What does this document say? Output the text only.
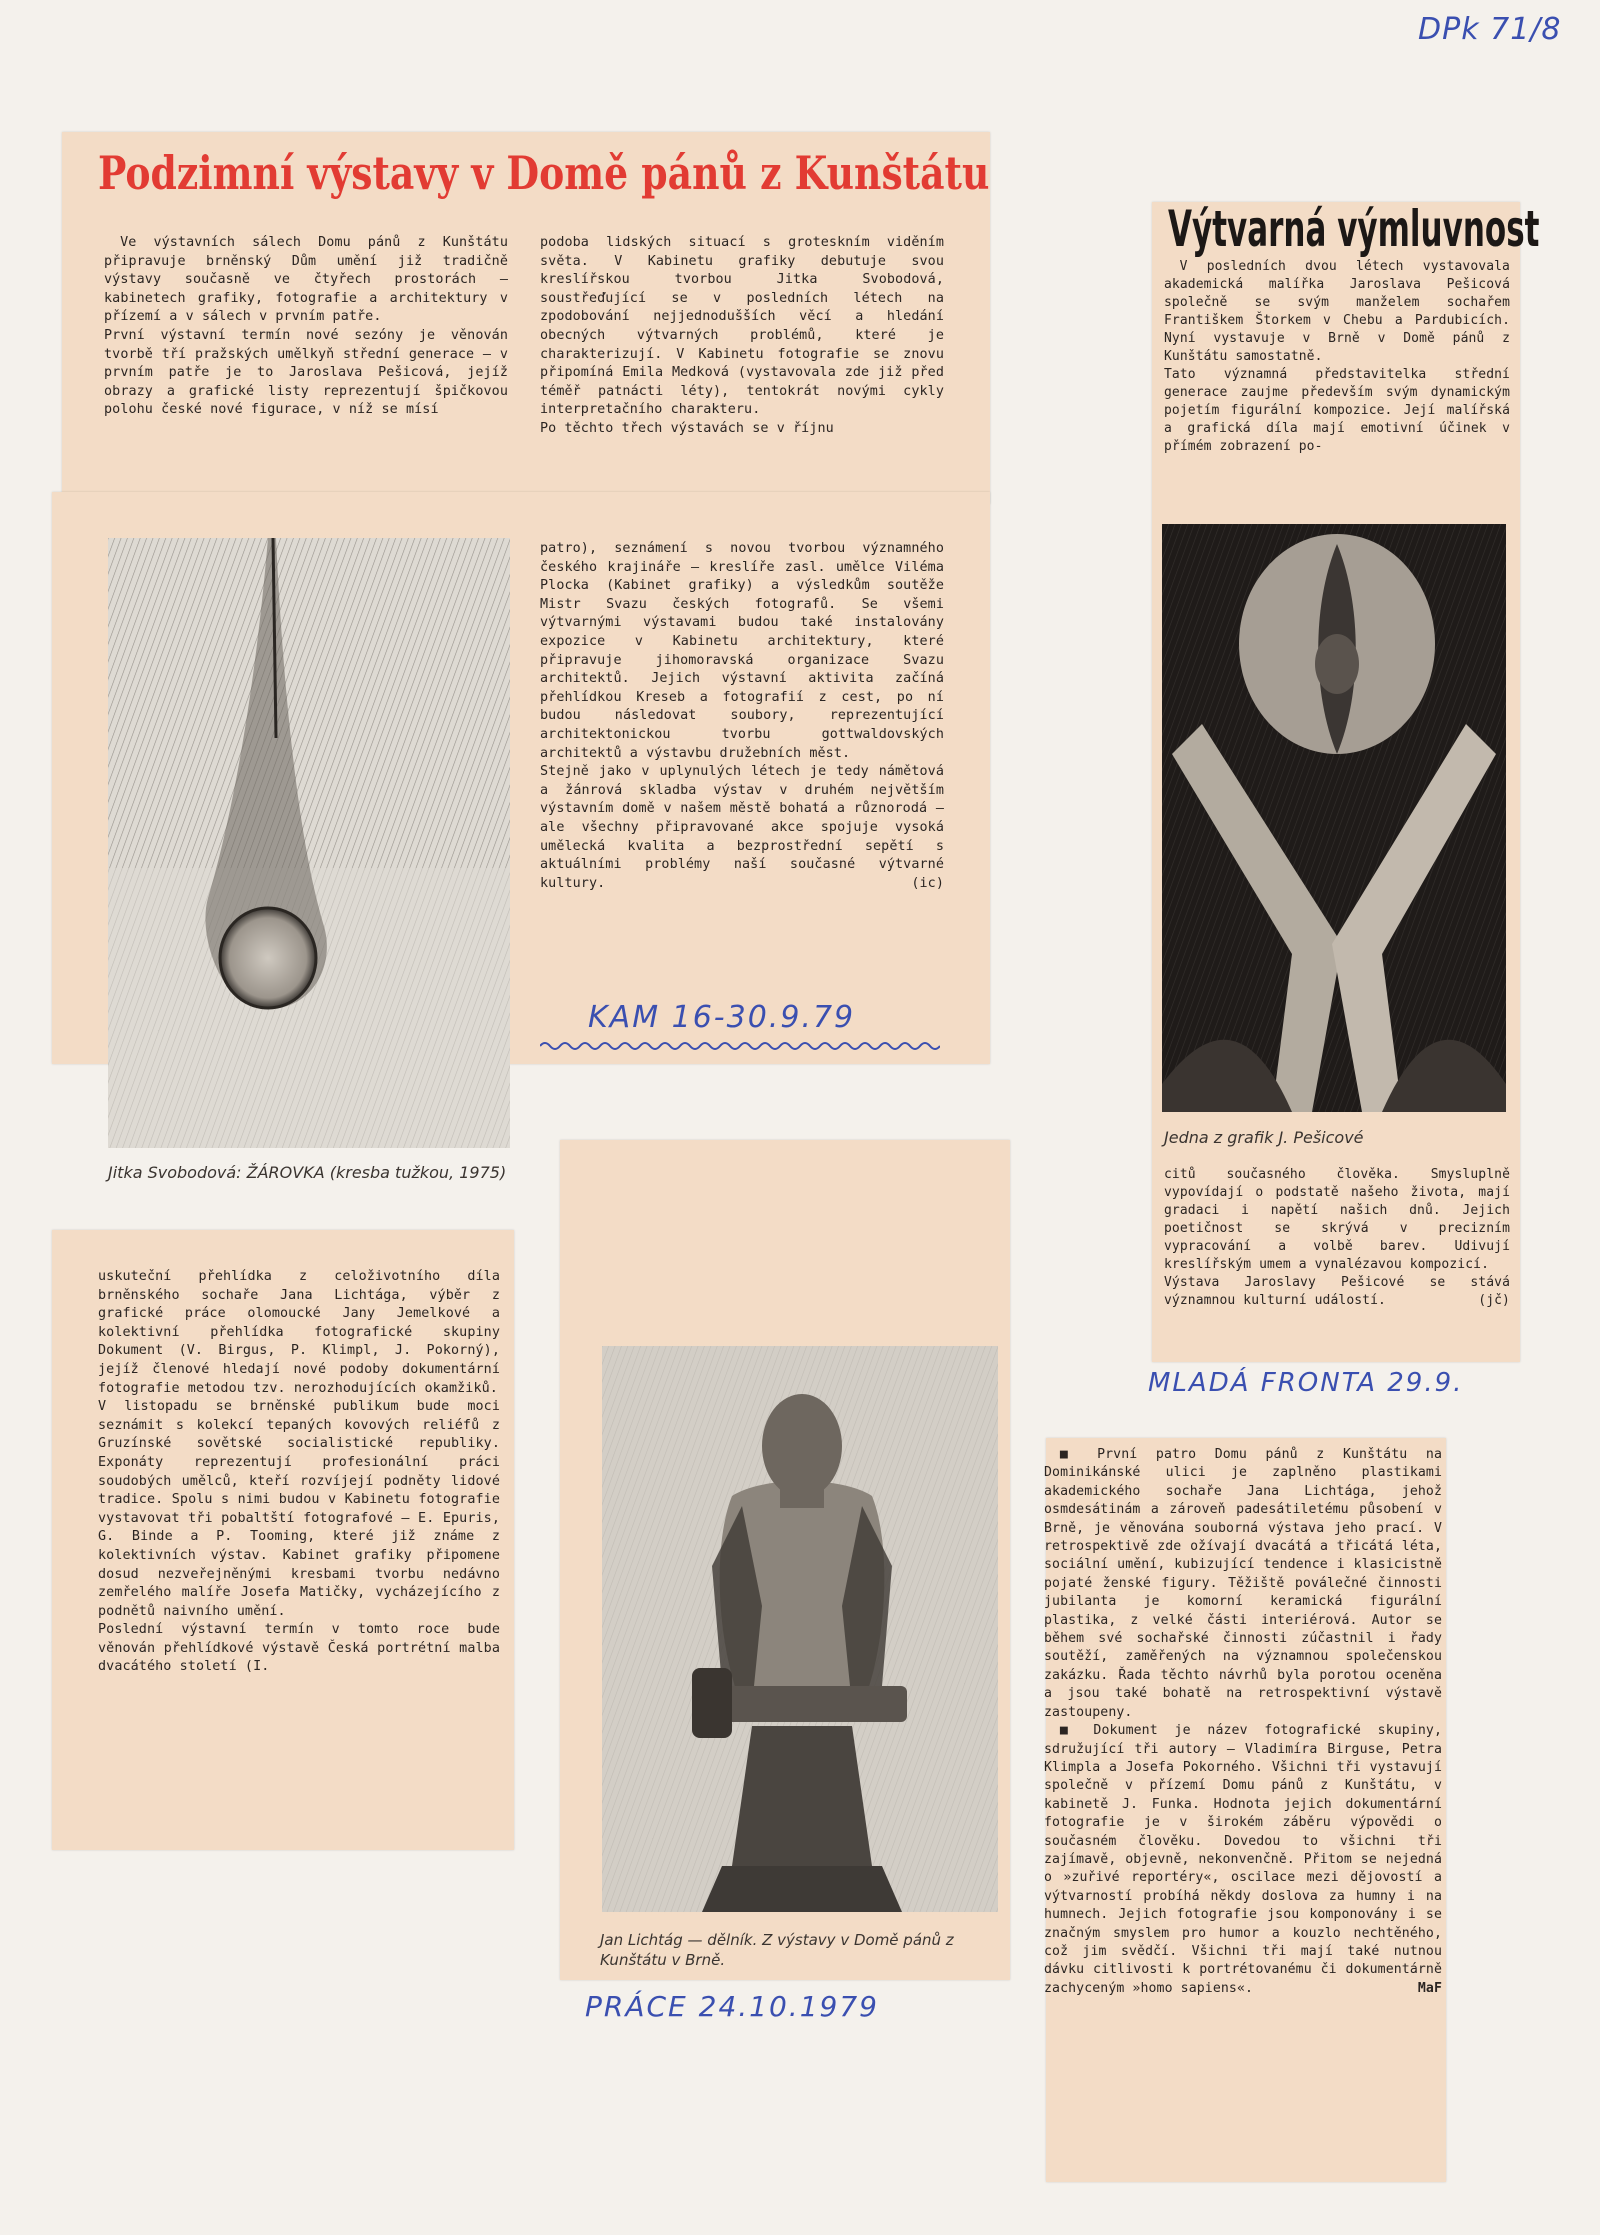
DPk 71/8
Podzimní výstavy v Domě pánů z Kunštátu

Ve výstavních sálech Domu pánů z Kunštátu připravuje brněnský Dům umění již tradičně výstavy současně ve čtyřech prostorách — kabinetech grafiky, fotografie a architektury v přízemí a v sálech v prvním patře.
První výstavní termín nové sezóny je věnován tvorbě tří pražských umělkyň střední generace — v prvním patře je to Jaroslava Pešicová, jejíž obrazy a grafické listy reprezentují špičkovou polohu české nové figurace, v níž se mísí

podoba lidských situací s groteskním viděním světa. V Kabinetu grafiky debutuje svou kreslířskou tvorbou Jitka Svobodová, soustřeďující se v posledních létech na zpodobování nejjednodušších věcí a hledání obecných výtvarných problémů, které je charakterizují. V Kabinetu fotografie se znovu připomíná Emila Medková (vystavovala zde již před téměř patnácti léty), tentokrát novými cykly interpretačního charakteru.
Po těchto třech výstavách se v říjnu

Jitka Svobodová: ŽÁROVKA (kresba tužkou, 1975)

patro), seznámení s novou tvorbou významného českého krajináře — kreslíře zasl. umělce Viléma Plocka (Kabinet grafiky) a výsledkům soutěže Mistr Svazu českých fotografů. Se všemi výtvarnými výstavami budou také instalovány expozice v Kabinetu architektury, které připravuje jihomoravská organizace Svazu architektů. Jejich výstavní aktivita začíná přehlídkou Kreseb a fotografií z cest, po ní budou následovat soubory, reprezentující architektonickou tvorbu gottwaldovských architektů a výstavbu družebních měst.
Stejně jako v uplynulých létech je tedy námětová a žánrová skladba výstav v druhém největším výstavním domě v našem městě bohatá a různorodá — ale všechny připravované akce spojuje vysoká umělecká kvalita a bezprostřední sepětí s aktuálními problémy naší současné výtvarné kultury.	(ic)
KAM 16-30.9.79

uskuteční přehlídka z celoživotního díla brněnského sochaře Jana Lichtága, výběr z grafické práce olomoucké Jany Jemelkové a kolektivní přehlídka fotografické skupiny Dokument (V. Birgus, P. Klimpl, J. Pokorný), jejíž členové hledají nové podoby dokumentární fotografie metodou tzv. nerozhodujících okamžiků.
V listopadu se brněnské publikum bude moci seznámit s kolekcí tepaných kovových reliéfů z Gruzínské sovětské socialistické republiky. Exponáty reprezentují profesionální práci soudobých umělců, kteří rozvíjejí podněty lidové tradice. Spolu s nimi budou v Kabinetu fotografie vystavovat tři pobaltští fotografové — E. Epuris, G. Binde a P. Tooming, které již známe z kolektivních výstav. Kabinet grafiky připomene dosud nezveřejněnými kresbami tvorbu nedávno zemřelého malíře Josefa Matičky, vycházejícího z podnětů naivního umění.
Poslední výstavní termín v tomto roce bude věnován přehlídkové výstavě Česká portrétní malba dvacátého století (I.

Jan Lichtág — dělník. Z výstavy v Domě pánů z Kunštátu v Brně.
PRÁCE 24.10.1979
Výtvarná výmluvnost

V posledních dvou létech vystavovala akademická malířka Jaroslava Pešicová společně se svým manželem sochařem Františkem Štorkem v Chebu a Pardubicích. Nyní vystavuje v Brně v Domě pánů z Kunštátu samostatně.
Tato významná představitelka střední generace zaujme především svým dynamickým pojetím figurální kompozice. Její malířská a grafická díla mají emotivní účinek v přímém zobrazení po-

Jedna z grafik J. Pešicové

citů současného člověka. Smysluplně vypovídají o podstatě našeho života, mají gradaci i napětí našich dnů. Jejich poetičnost se skrývá v precizním vypracování a volbě barev. Udivují kreslířským umem a vynalézavou kompozicí.
Výstava Jaroslavy Pešicové se stává významnou kulturní událostí.	(jč)
MLADÁ FRONTA 29.9.

■ První patro Domu pánů z Kunštátu na Dominikánské ulici je zaplněno plastikami akademického sochaře Jana Lichtága, jehož osmdesátinám a zároveň padesátiletému působení v Brně, je věnována souborná výstava jeho prací. V retrospektivě zde ožívají dvacátá a třicátá léta, sociální umění, kubizující tendence i klasicistně pojaté ženské figury. Těžiště poválečné činnosti jubilanta je komorní keramická figurální plastika, z velké části interiérová. Autor se během své sochařské činnosti zúčastnil i řady soutěží, zaměřených na významnou společenskou zakázku. Řada těchto návrhů byla porotou oceněna a jsou také bohatě na retrospektivní výstavě zastoupeny.

■ Dokument je název fotografické skupiny, sdružující tři autory — Vladimíra Birguse, Petra Klimpla a Josefa Pokorného. Všichni tři vystavují společně v přízemí Domu pánů z Kunštátu, v kabinetě J. Funka. Hodnota jejich dokumentární fotografie je v širokém záběru výpovědi o současném člověku. Dovedou to všichni tři zajímavě, objevně, nekonvenčně. Přitom se nejedná o »zuřivé reportéry«, oscilace mezi dějovostí a výtvarností probíhá někdy doslova za humny i na humnech. Jejich fotografie jsou komponovány i se značným smyslem pro humor a kouzlo nechtěného, což jim svědčí. Všichni tři mají také nutnou dávku citlivosti k portrétovanému či dokumentárně zachyceným »homo sapiens«.	MaF
